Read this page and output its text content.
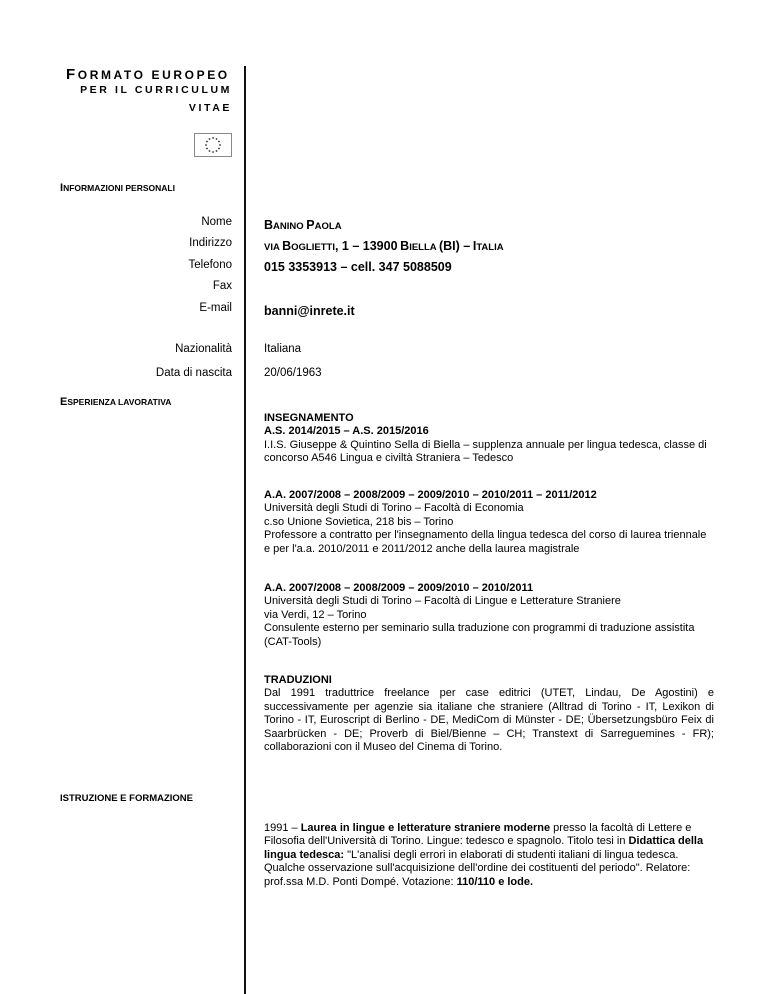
FORMATO EUROPEO
PER IL CURRICULUM
VITAE
INFORMAZIONI PERSONALI
Nome	BANINO PAOLA
Indirizzo	VIA BOGLIETTI, 1 – 13900 BIELLA (BI) – ITALIA
Telefono	015 3353913 – cell. 347 5088509
Fax
E-mail	banni@inrete.it
Nazionalità	Italiana
Data di nascita	20/06/1963
ESPERIENZA LAVORATIVA

INSEGNAMENTO

A.S. 2014/2015 – A.S. 2015/2016

I.I.S. Giuseppe & Quintino Sella di Biella – supplenza annuale per lingua tedesca, classe di concorso A546 Lingua e civiltà Straniera – Tedesco

A.A. 2007/2008 – 2008/2009 – 2009/2010 – 2010/2011 – 2011/2012

Università degli Studi di Torino – Facoltà di Economia

c.so Unione Sovietica, 218 bis – Torino

Professore a contratto per l'insegnamento della lingua tedesca del corso di laurea triennale e per l'a.a. 2010/2011 e 2011/2012 anche della laurea magistrale

A.A. 2007/2008 – 2008/2009 – 2009/2010 – 2010/2011

Università degli Studi di Torino – Facoltà di Lingue e Letterature Straniere

via Verdi, 12 – Torino

Consulente esterno per seminario sulla traduzione con programmi di traduzione assistita (CAT-Tools)

TRADUZIONI

Dal 1991 traduttrice freelance per case editrici (UTET, Lindau, De Agostini) e successivamente per agenzie sia italiane che straniere (Alltrad di Torino - IT, Lexikon di Torino - IT, Euroscript di Berlino - DE, MediCom di Münster - DE; Übersetzungsbüro Feix di Saarbrücken - DE; Proverb di Biel/Bienne – CH; Transtext di Sarreguemines - FR); collaborazioni con il Museo del Cinema di Torino.

ISTRUZIONE E FORMAZIONE

1991 – Laurea in lingue e letterature straniere moderne presso la facoltà di Lettere e Filosofia dell'Università di Torino. Lingue: tedesco e spagnolo. Titolo tesi in Didattica della lingua tedesca: "L'analisi degli errori in elaborati di studenti italiani di lingua tedesca. Qualche osservazione sull'acquisizione dell'ordine dei costituenti del periodo". Relatore: prof.ssa M.D. Ponti Dompé. Votazione: 110/110 e lode.
